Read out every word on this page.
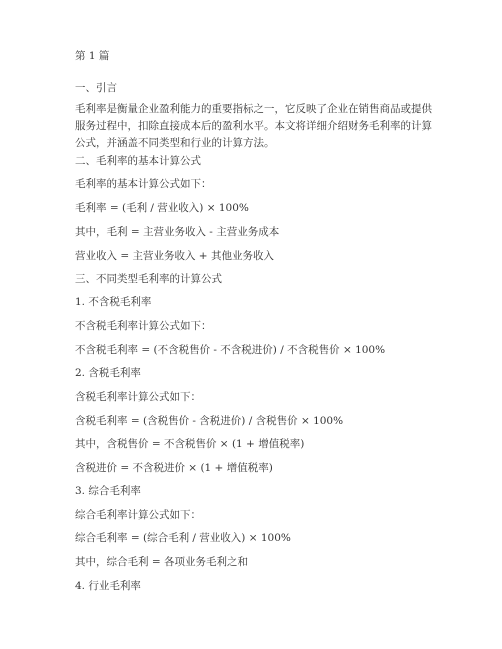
第 1 篇
一、引言
毛利率是衡量企业盈利能力的重要指标之一，它反映了企业在销售商品或提供服务过程中，扣除直接成本后的盈利水平。本文将详细介绍财务毛利率的计算公式，并涵盖不同类型和行业的计算方法。
二、毛利率的基本计算公式
毛利率的基本计算公式如下：
毛利率 = (毛利 / 营业收入) × 100%
其中，毛利 = 主营业务收入 - 主营业务成本
营业收入 = 主营业务收入 + 其他业务收入
三、不同类型毛利率的计算公式
1. 不含税毛利率
不含税毛利率计算公式如下：
不含税毛利率 = (不含税售价 - 不含税进价) / 不含税售价 × 100%
2. 含税毛利率
含税毛利率计算公式如下：
含税毛利率 = (含税售价 - 含税进价) / 含税售价 × 100%
其中，含税售价 = 不含税售价 × (1 + 增值税率)
含税进价 = 不含税进价 × (1 + 增值税率)
3. 综合毛利率
综合毛利率计算公式如下：
综合毛利率 = (综合毛利 / 营业收入) × 100%
其中，综合毛利 = 各项业务毛利之和
4. 行业毛利率
